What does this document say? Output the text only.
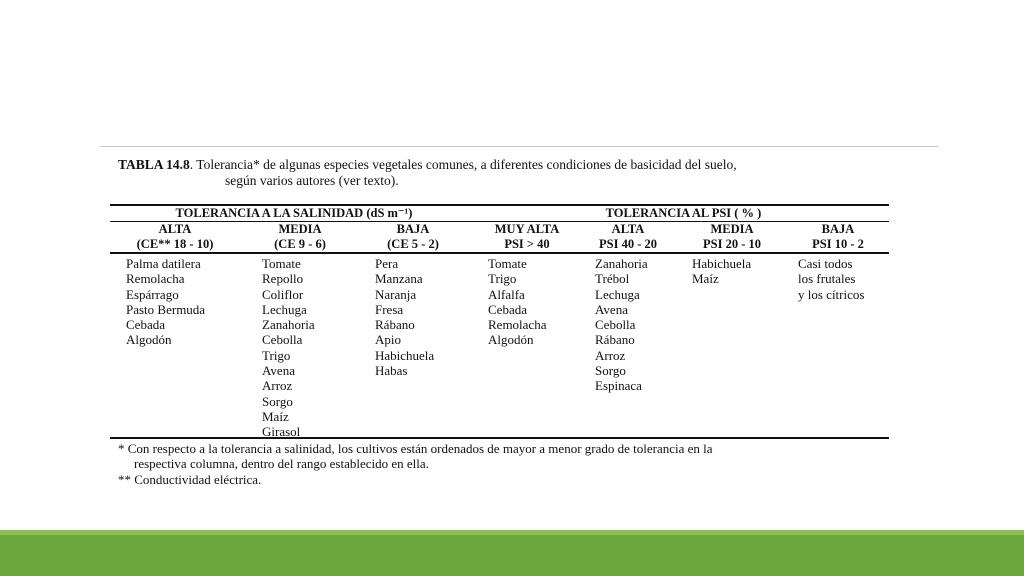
TABLA 14.8. Tolerancia* de algunas especies vegetales comunes, a diferentes condiciones de basicidad del suelo,
según varios autores (ver texto).
TOLERANCIA A LA SALINIDAD (dS m⁻¹)	TOLERANCIA AL PSI ( % )
ALTA
(CE** 18 - 10)
MEDIA
(CE 9 - 6)
BAJA
(CE 5 - 2)
MUY ALTA
PSI > 40
ALTA
PSI 40 - 20
MEDIA
PSI 20 - 10
BAJA
PSI 10 - 2
Palma datilera
Remolacha
Espárrago
Pasto Bermuda
Cebada
Algodón
Tomate
Repollo
Coliflor
Lechuga
Zanahoria
Cebolla
Trigo
Avena
Arroz
Sorgo
Maíz
Girasol
Pera
Manzana
Naranja
Fresa
Rábano
Apio
Habichuela
Habas
Tomate
Trigo
Alfalfa
Cebada
Remolacha
Algodón
Zanahoria
Trébol
Lechuga
Avena
Cebolla
Rábano
Arroz
Sorgo
Espinaca
Habichuela
Maíz
Casi todos
los frutales
y los cítricos
* Con respecto a la tolerancia a salinidad, los cultivos están ordenados de mayor a menor grado de tolerancia en la
respectiva columna, dentro del rango establecido en ella.
** Conductividad eléctrica.
